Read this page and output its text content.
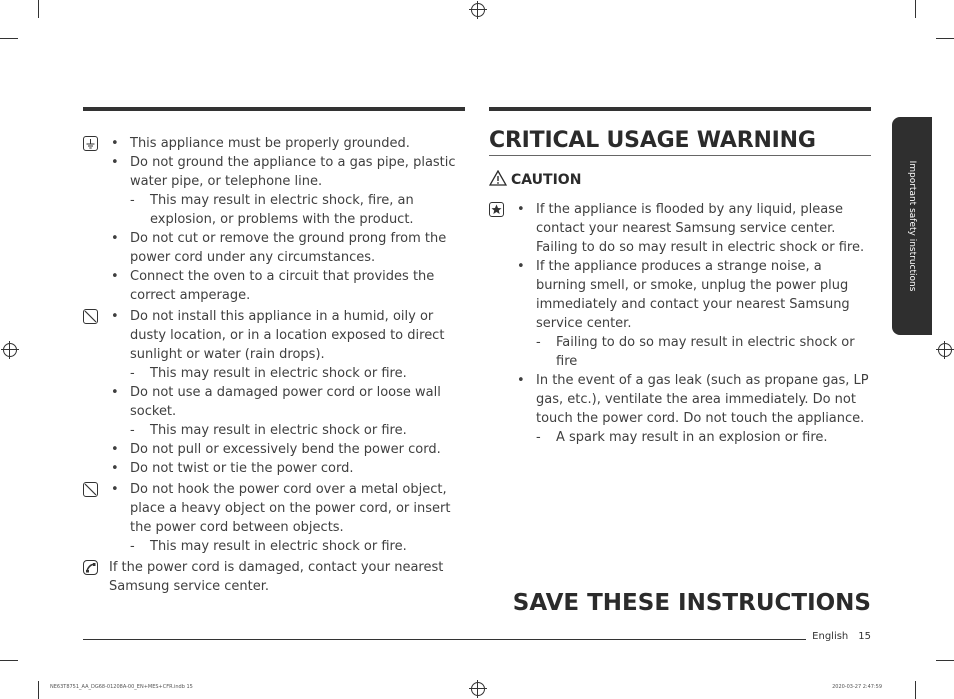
• This appliance must be properly grounded.
• Do not ground the appliance to a gas pipe, plastic water pipe, or telephone line.
- This may result in electric shock, fire, an explosion, or problems with the product.
• Do not cut or remove the ground prong from the power cord under any circumstances.
• Connect the oven to a circuit that provides the correct amperage.
• Do not install this appliance in a humid, oily or dusty location, or in a location exposed to direct sunlight or water (rain drops).
- This may result in electric shock or fire.
• Do not use a damaged power cord or loose wall socket.
- This may result in electric shock or fire.
• Do not pull or excessively bend the power cord.
• Do not twist or tie the power cord.
• Do not hook the power cord over a metal object, place a heavy object on the power cord, or insert the power cord between objects.
- This may result in electric shock or fire.
If the power cord is damaged, contact your nearest Samsung service center.
CRITICAL USAGE WARNING
CAUTION
• If the appliance is flooded by any liquid, please contact your nearest Samsung service center. Failing to do so may result in electric shock or fire.
• If the appliance produces a strange noise, a burning smell, or smoke, unplug the power plug immediately and contact your nearest Samsung service center.
- Failing to do so may result in electric shock or fire
• In the event of a gas leak (such as propane gas, LP gas, etc.), ventilate the area immediately. Do not touch the power cord. Do not touch the appliance.
- A spark may result in an explosion or fire.
Important safety instructions
SAVE THESE INSTRUCTIONS
English 15
NE63T8751_AA_DG68-01208A-00_EN+MES+CFR.indb 15	2020-03-27 2:47:59
